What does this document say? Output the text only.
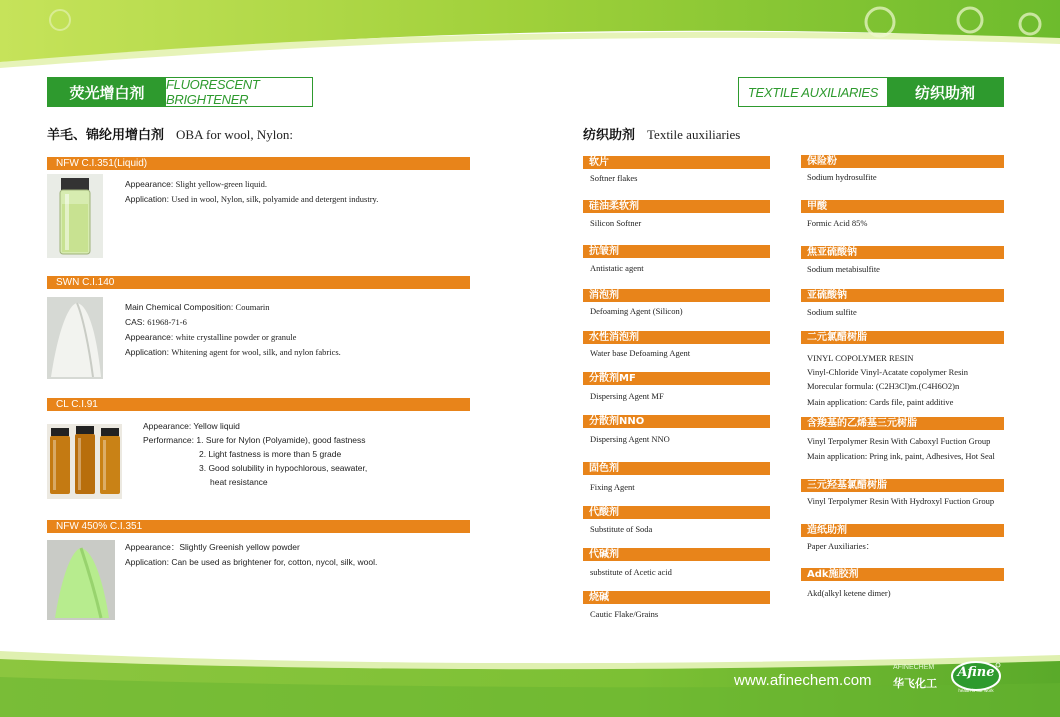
荧光增白剂	FLUORESCENT BRIGHTENER	TEXTILE AUXILIARIES	纺织助剂
羊毛、锦纶用增白剂 OBA for wool, Nylon:	纺织助剂 Textile auxiliaries
NFW C.I.351(Liquid)
Appearance: Slight yellow-green liquid.
Application: Used in wool, Nylon, silk, polyamide and detergent industry.
SWN C.I.140
Main Chemical Composition: Coumarin
CAS: 61968-71-6
Appearance: white crystalline powder or granule
Application: Whitening agent for wool, silk, and nylon fabrics.
CL C.I.91
Appearance: Yellow liquid
Performance: 1. Sure for Nylon (Polyamide), good fastness
2. Light fastness is more than 5 grade
3. Good solubility in hypochlorous, seawater,
heat resistance
NFW 450% C.I.351
Appearance：Slightly Greenish yellow powder
Application: Can be used as brightener for, cotton, nycol, silk, wool.
软片
Softner flakes
硅油柔软剂
Silicon Softner
抗皱剂
Antistatic agent
消泡剂
Defoaming Agent (Silicon)
水性消泡剂
Water base Defoaming Agent
分散剂MF
Dispersing Agent MF
分散剂NNO
Dispersing Agent NNO
固色剂
Fixing Agent
代酸剂
Substitute of Soda
代碱剂
substitute of Acetic acid
烧碱
Cautic Flake/Grains
保险粉
Sodium hydrosulfite
甲酸
Formic Acid 85%
焦亚硫酸钠
Sodium metabisulfite
亚硫酸钠
Sodium sulfite
二元氯醋树脂
VINYL COPOLYMER RESIN
Vinyl-Chloride Vinyl-Acatate copolymer Resin
Morecular formula: (C2H3Cl)m.(C4H6O2)n
Main application: Cards file, paint additive
含羧基的乙烯基三元树脂
Vinyl Terpolymer Resin With Caboxyl Fuction Group
Main application: Pring ink, paint, Adhesives, Hot Seal
三元羟基氯醋树脂
Vinyl Terpolymer Resin With Hydroxyl Fuction Group
造纸助剂
Paper Auxiliaries：
Adk施胶剂
Akd(alkyl ketene dimer)
www.afinechem.com
AFINECHEM
华飞化工
Afine
health is our work
